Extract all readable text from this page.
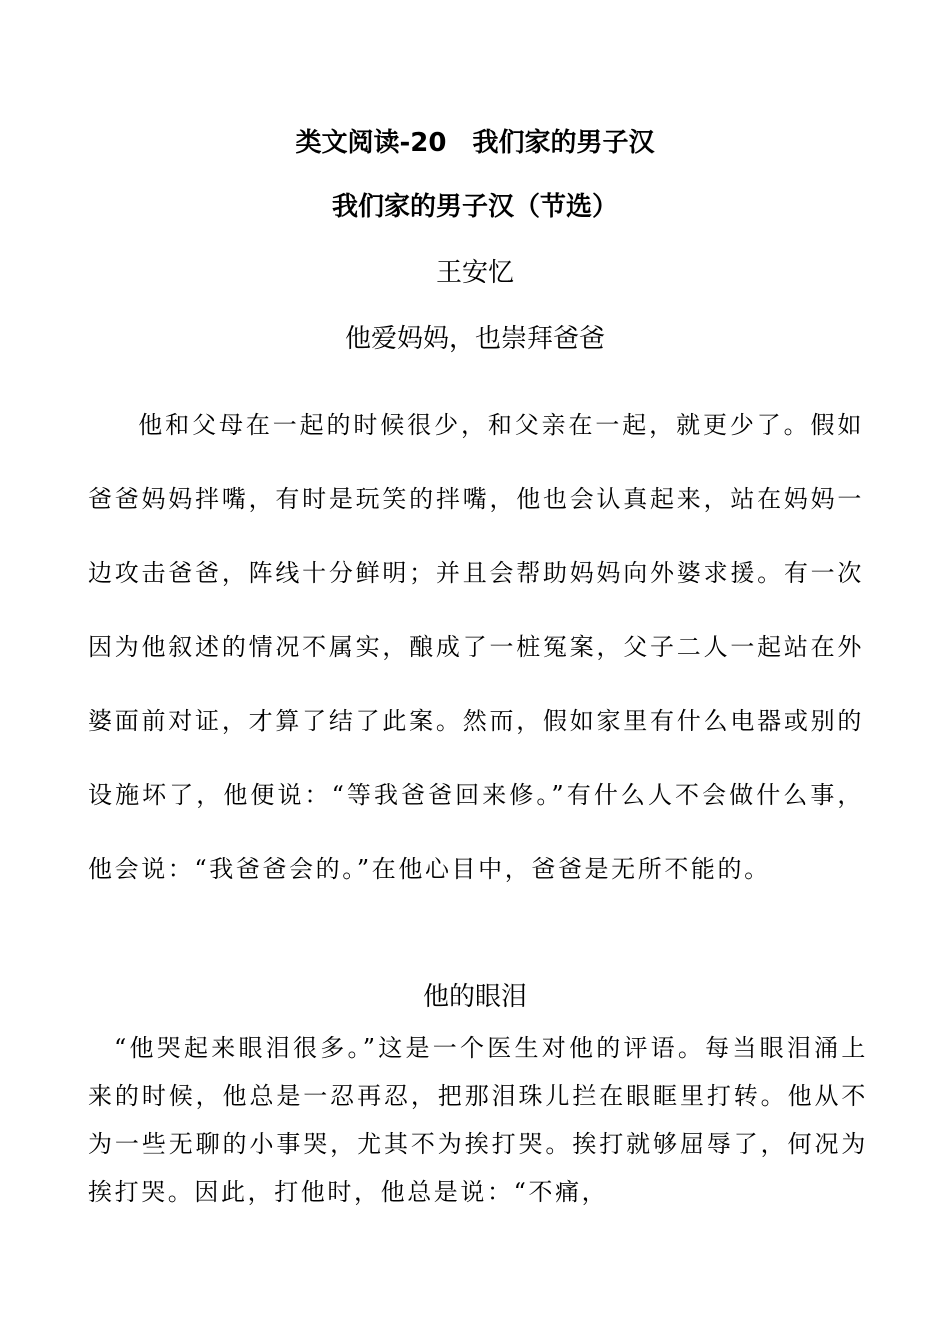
类文阅读-20　我们家的男子汉
我们家的男子汉（节选）
王安忆
他爱妈妈，也崇拜爸爸

他和父母在一起的时候很少，和父亲在一起，就更少了。假如爸爸妈妈拌嘴，有时是玩笑的拌嘴，他也会认真起来，站在妈妈一边攻击爸爸，阵线十分鲜明；并且会帮助妈妈向外婆求援。有一次因为他叙述的情况不属实，酿成了一桩冤案，父子二人一起站在外婆面前对证，才算了结了此案。然而，假如家里有什么电器或别的设施坏了，他便说：“等我爸爸回来修。”有什么人不会做什么事，他会说：“我爸爸会的。”在他心目中，爸爸是无所不能的。

他的眼泪

“他哭起来眼泪很多。”这是一个医生对他的评语。每当眼泪涌上来的时候，他总是一忍再忍，把那泪珠儿拦在眼眶里打转。他从不为一些无聊的小事哭，尤其不为挨打哭。挨打就够屈辱了，何况为挨打哭。因此，打他时，他总是说：“不痛，
